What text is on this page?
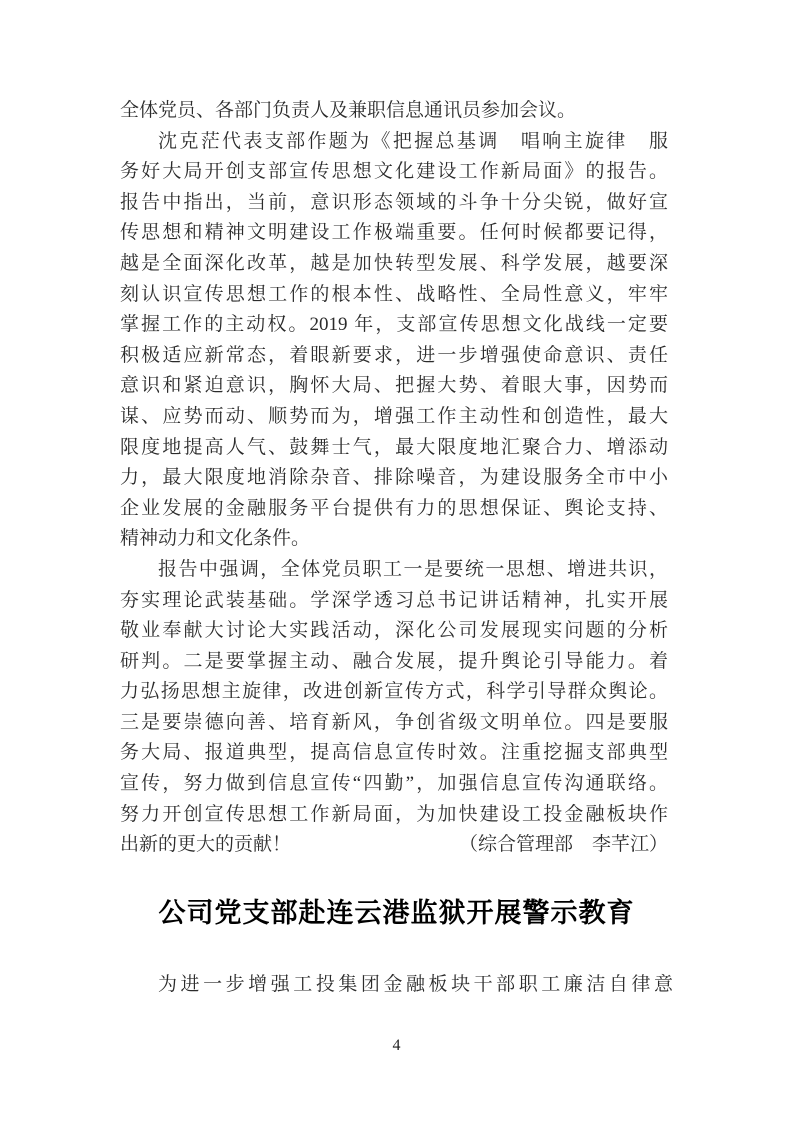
全体党员、各部门负责人及兼职信息通讯员参加会议。
沈克茫代表支部作题为《把握总基调　唱响主旋律　服
务好大局开创支部宣传思想文化建设工作新局面》的报告。
报告中指出，当前，意识形态领域的斗争十分尖锐，做好宣
传思想和精神文明建设工作极端重要。任何时候都要记得，
越是全面深化改革，越是加快转型发展、科学发展，越要深
刻认识宣传思想工作的根本性、战略性、全局性意义，牢牢
掌握工作的主动权。2019 年，支部宣传思想文化战线一定要
积极适应新常态，着眼新要求，进一步增强使命意识、责任
意识和紧迫意识，胸怀大局、把握大势、着眼大事，因势而
谋、应势而动、顺势而为，增强工作主动性和创造性，最大
限度地提高人气、鼓舞士气，最大限度地汇聚合力、增添动
力，最大限度地消除杂音、排除噪音，为建设服务全市中小
企业发展的金融服务平台提供有力的思想保证、舆论支持、
精神动力和文化条件。
报告中强调，全体党员职工一是要统一思想、增进共识，
夯实理论武装基础。学深学透习总书记讲话精神，扎实开展
敬业奉献大讨论大实践活动，深化公司发展现实问题的分析
研判。二是要掌握主动、融合发展，提升舆论引导能力。着
力弘扬思想主旋律，改进创新宣传方式，科学引导群众舆论。
三是要崇德向善、培育新风，争创省级文明单位。四是要服
务大局、报道典型，提高信息宣传时效。注重挖掘支部典型
宣传，努力做到信息宣传“四勤”，加强信息宣传沟通联络。
努力开创宣传思想工作新局面，为加快建设工投金融板块作
出新的更大的贡献！	（综合管理部　李芊江）
公司党支部赴连云港监狱开展警示教育
为进一步增强工投集团金融板块干部职工廉洁自律意
4
